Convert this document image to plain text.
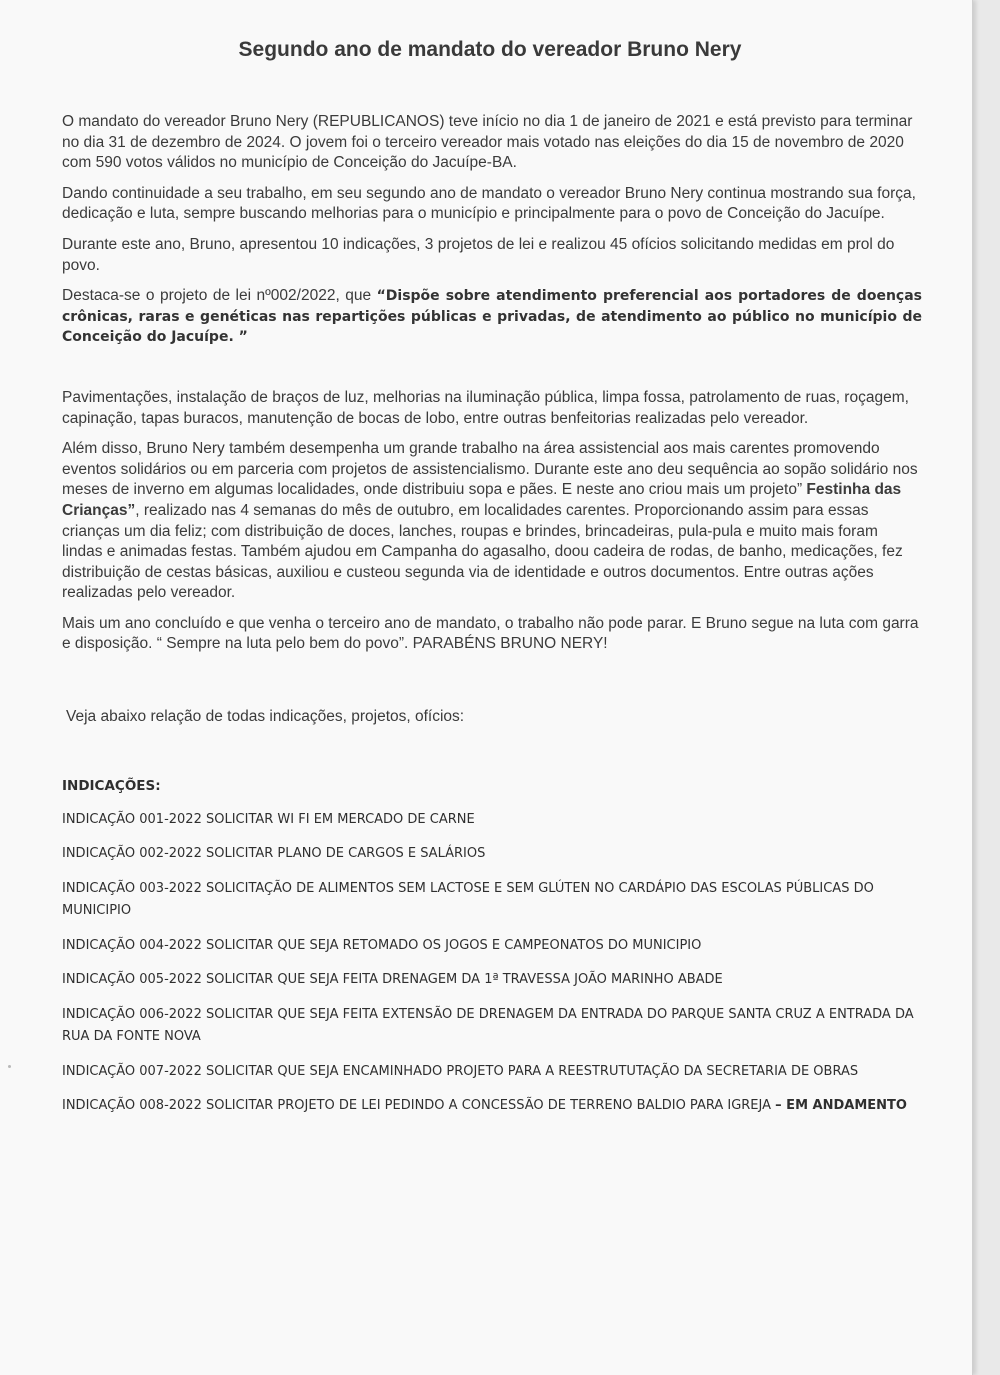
Segundo ano de mandato do vereador Bruno Nery

O mandato do vereador Bruno Nery (REPUBLICANOS) teve início no dia 1 de janeiro de 2021 e está previsto para terminar no dia 31 de dezembro de 2024. O jovem foi o terceiro vereador mais votado nas eleições do dia 15 de novembro de 2020 com 590 votos válidos no município de Conceição do Jacuípe-BA.

Dando continuidade a seu trabalho, em seu segundo ano de mandato o vereador Bruno Nery continua mostrando sua força, dedicação e luta, sempre buscando melhorias para o município e principalmente para o povo de Conceição do Jacuípe.

Durante este ano, Bruno, apresentou 10 indicações, 3 projetos de lei e realizou 45 ofícios solicitando medidas em prol do povo.

Destaca-se o projeto de lei nº002/2022, que “Dispõe sobre atendimento preferencial aos portadores de doenças crônicas, raras e genéticas nas repartições públicas e privadas, de atendimento ao público no município de Conceição do Jacuípe. ”

Pavimentações, instalação de braços de luz, melhorias na iluminação pública, limpa fossa, patrolamento de ruas, roçagem, capinação, tapas buracos, manutenção de bocas de lobo, entre outras benfeitorias realizadas pelo vereador.

Além disso, Bruno Nery também desempenha um grande trabalho na área assistencial aos mais carentes promovendo eventos solidários ou em parceria com projetos de assistencialismo. Durante este ano deu sequência ao sopão solidário nos meses de inverno em algumas localidades, onde distribuiu sopa e pães. E neste ano criou mais um projeto” Festinha das Crianças”, realizado nas 4 semanas do mês de outubro, em localidades carentes. Proporcionando assim para essas crianças um dia feliz; com distribuição de doces, lanches, roupas e brindes, brincadeiras, pula-pula e muito mais foram lindas e animadas festas. Também ajudou em Campanha do agasalho, doou cadeira de rodas, de banho, medicações, fez distribuição de cestas básicas, auxiliou e custeou segunda via de identidade e outros documentos. Entre outras ações realizadas pelo vereador.

Mais um ano concluído e que venha o terceiro ano de mandato, o trabalho não pode parar. E Bruno segue na luta com garra e disposição. “ Sempre na luta pelo bem do povo”. PARABÉNS BRUNO NERY!

Veja abaixo relação de todas indicações, projetos, ofícios:

INDICAÇÕES:

INDICAÇÃO 001-2022 SOLICITAR WI FI EM MERCADO DE CARNE

INDICAÇÃO 002-2022 SOLICITAR PLANO DE CARGOS E SALÁRIOS

INDICAÇÃO 003-2022 SOLICITAÇÃO DE ALIMENTOS SEM LACTOSE E SEM GLÚTEN NO CARDÁPIO DAS ESCOLAS PÚBLICAS DO MUNICIPIO

INDICAÇÃO 004-2022 SOLICITAR QUE SEJA RETOMADO OS JOGOS E CAMPEONATOS DO MUNICIPIO

INDICAÇÃO 005-2022 SOLICITAR QUE SEJA FEITA DRENAGEM DA 1ª TRAVESSA JOÃO MARINHO ABADE

INDICAÇÃO 006-2022 SOLICITAR QUE SEJA FEITA EXTENSÃO DE DRENAGEM DA ENTRADA DO PARQUE SANTA CRUZ A ENTRADA DA RUA DA FONTE NOVA

INDICAÇÃO 007-2022 SOLICITAR QUE SEJA ENCAMINHADO PROJETO PARA A REESTRUTUTAÇÃO DA SECRETARIA DE OBRAS

INDICAÇÃO 008-2022 SOLICITAR PROJETO DE LEI PEDINDO A CONCESSÃO DE TERRENO BALDIO PARA IGREJA – EM ANDAMENTO
